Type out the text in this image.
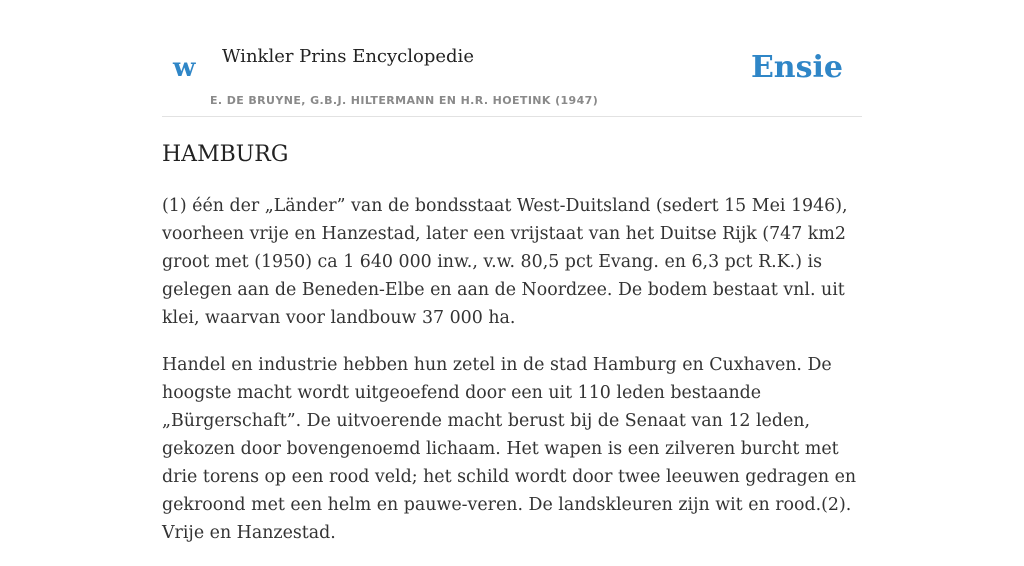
w Winkler Prins Encyclopedie
E. DE BRUYNE, G.B.J. HILTERMANN EN H.R. HOETINK (1947)
Ensie
HAMBURG

(1) één der „Länder” van de bondsstaat West-Duitsland (sedert 15 Mei 1946), voorheen vrije en Hanzestad, later een vrijstaat van het Duitse Rijk (747 km2 groot met (1950) ca 1 640 000 inw., v.w. 80,5 pct Evang. en 6,3 pct R.K.) is gelegen aan de Beneden-Elbe en aan de Noordzee. De bodem bestaat vnl. uit klei, waarvan voor landbouw 37 000 ha.

Handel en industrie hebben hun zetel in de stad Hamburg en Cuxhaven. De hoogste macht wordt uitgeoefend door een uit 110 leden bestaande „Bürgerschaft”. De uitvoerende macht berust bij de Senaat van 12 leden, gekozen door bovengenoemd lichaam. Het wapen is een zilveren burcht met drie torens op een rood veld; het schild wordt door twee leeuwen gedragen en gekroond met een helm en pauwe-veren. De landskleuren zijn wit en rood.(2). Vrije en Hanzestad.
